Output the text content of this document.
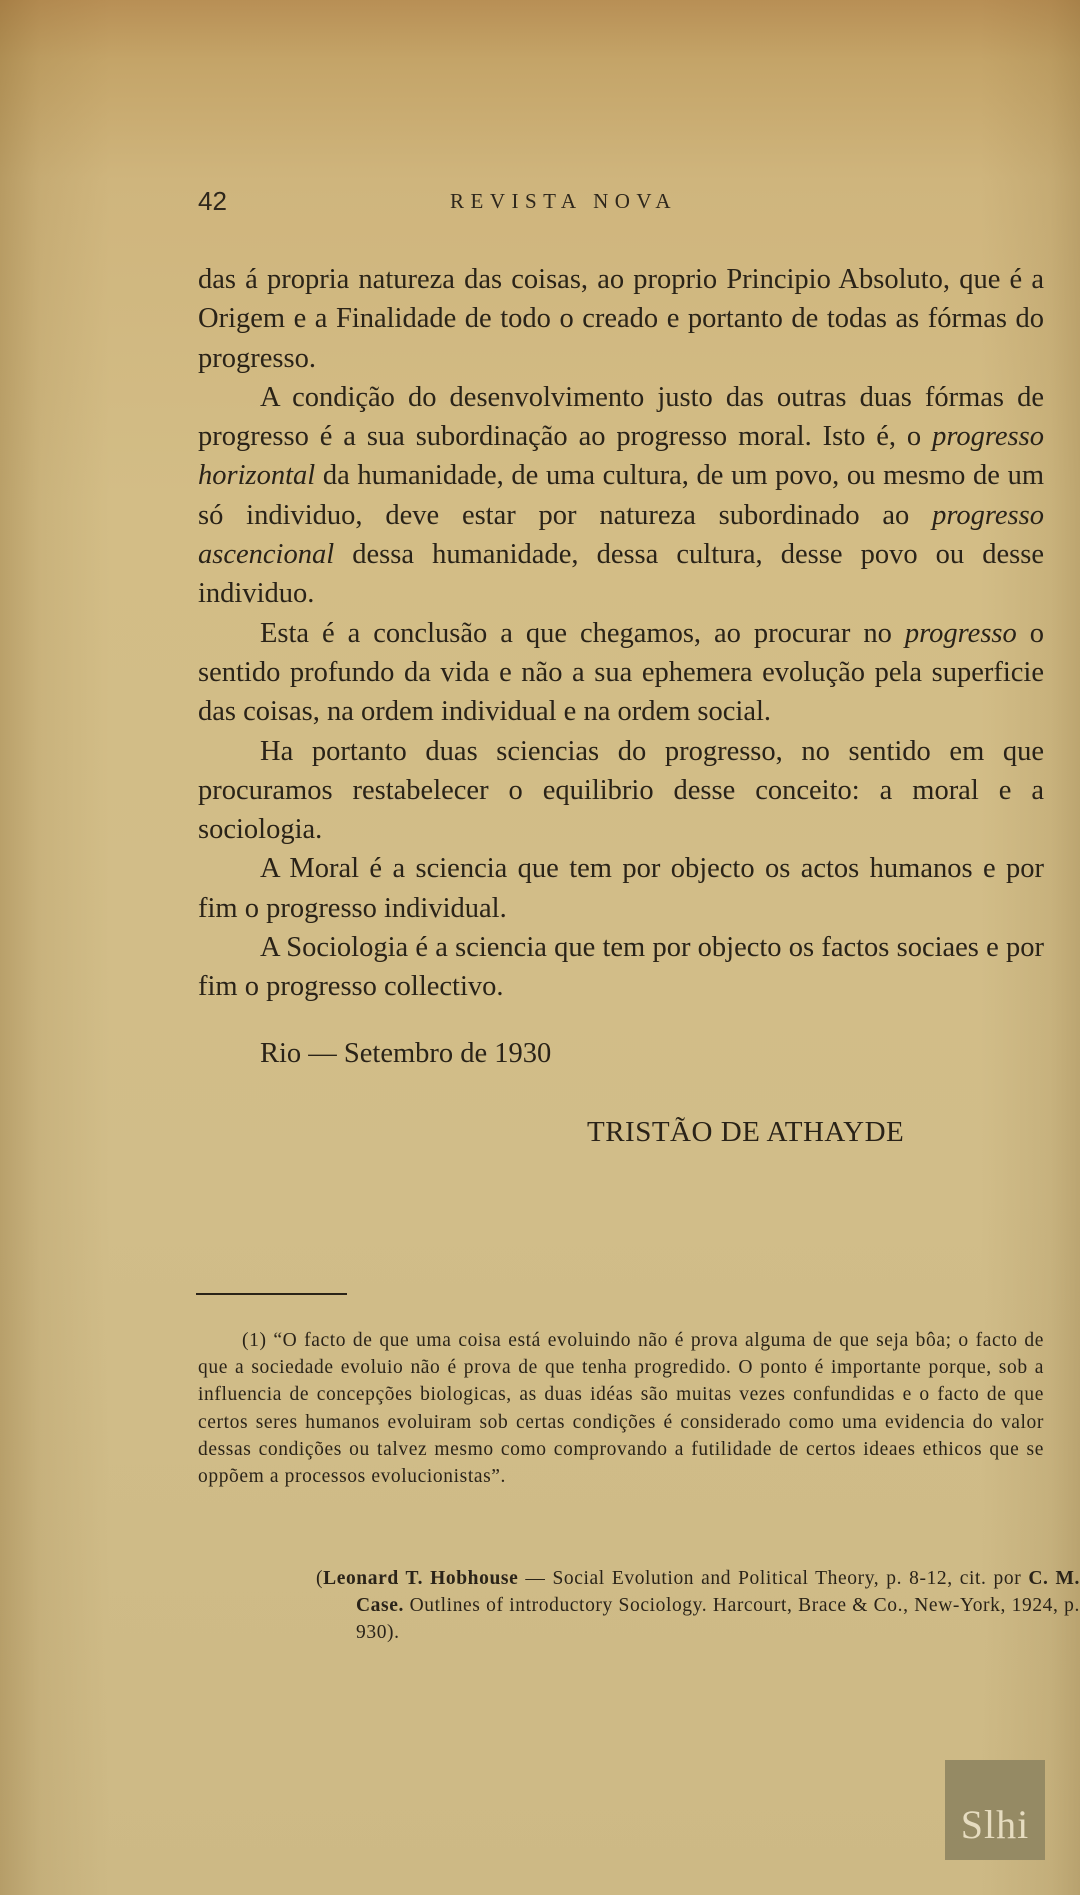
42	REVISTA NOVA

das á propria natureza das coisas, ao proprio Principio Absoluto, que é a Origem e a Finalidade de todo o creado e portanto de todas as fórmas do progresso.

A condição do desenvolvimento justo das outras duas fórmas de progresso é a sua subordinação ao progresso moral. Isto é, o progresso horizontal da humanidade, de uma cultura, de um povo, ou mesmo de um só individuo, deve estar por natureza subordinado ao progresso ascencional dessa humanidade, dessa cultura, desse povo ou desse individuo.

Esta é a conclusão a que chegamos, ao procurar no progresso o sentido profundo da vida e não a sua ephemera evolução pela superficie das coisas, na ordem individual e na ordem social.

Ha portanto duas sciencias do progresso, no sentido em que procuramos restabelecer o equilibrio desse conceito: a moral e a sociologia.

A Moral é a sciencia que tem por objecto os actos humanos e por fim o progresso individual.

A Sociologia é a sciencia que tem por objecto os factos sociaes e por fim o progresso collectivo.

Rio — Setembro de 1930
TRISTÃO DE ATHAYDE

(1) “O facto de que uma coisa está evoluindo não é prova alguma de que seja bôa; o facto de que a sociedade evoluio não é prova de que tenha progredido. O ponto é importante porque, sob a influencia de concepções biologicas, as duas idéas são muitas vezes confundidas e o facto de que certos seres humanos evoluiram sob certas condições é considerado como uma evidencia do valor dessas condições ou talvez mesmo como comprovando a futilidade de certos ideaes ethicos que se oppõem a processos evolucionistas”.

(Leonard T. Hobhouse — Social Evolution and Political Theory, p. 8-12, cit. por C. M. Case. Outlines of introductory Sociology. Harcourt, Brace & Co., New-York, 1924, p. 930).
Slhi
